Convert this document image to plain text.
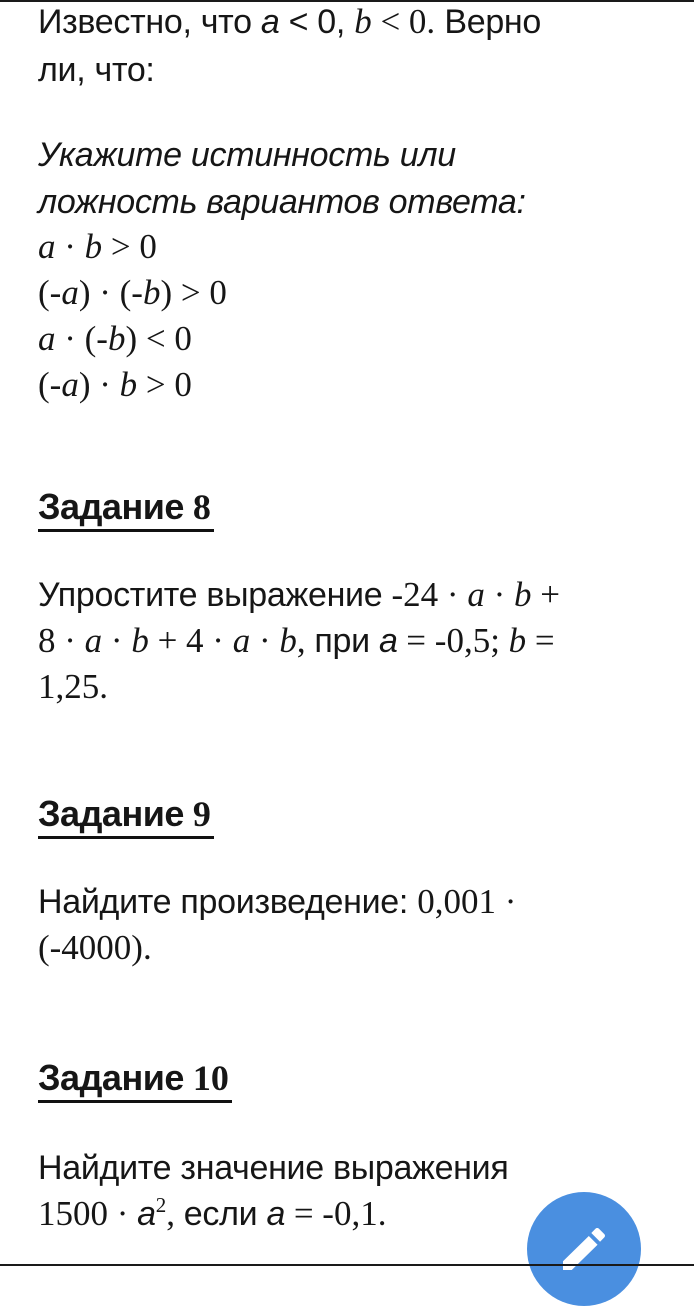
Известно, что a < 0, b < 0. Верно
ли, что:
Укажите истинность или
ложность вариантов ответа:
a · b > 0
(-a) · (-b) > 0
a · (-b) < 0
(-a) · b > 0
Задание 8
Упростите выражение -24 · a · b +
8 · a · b + 4 · a · b, при a = -0,5; b =
1,25.
Задание 9
Найдите произведение: 0,001 ·
(-4000).
Задание 10
Найдите значение выражения
$1500 \cdot a^2$, если a = -0,1.
